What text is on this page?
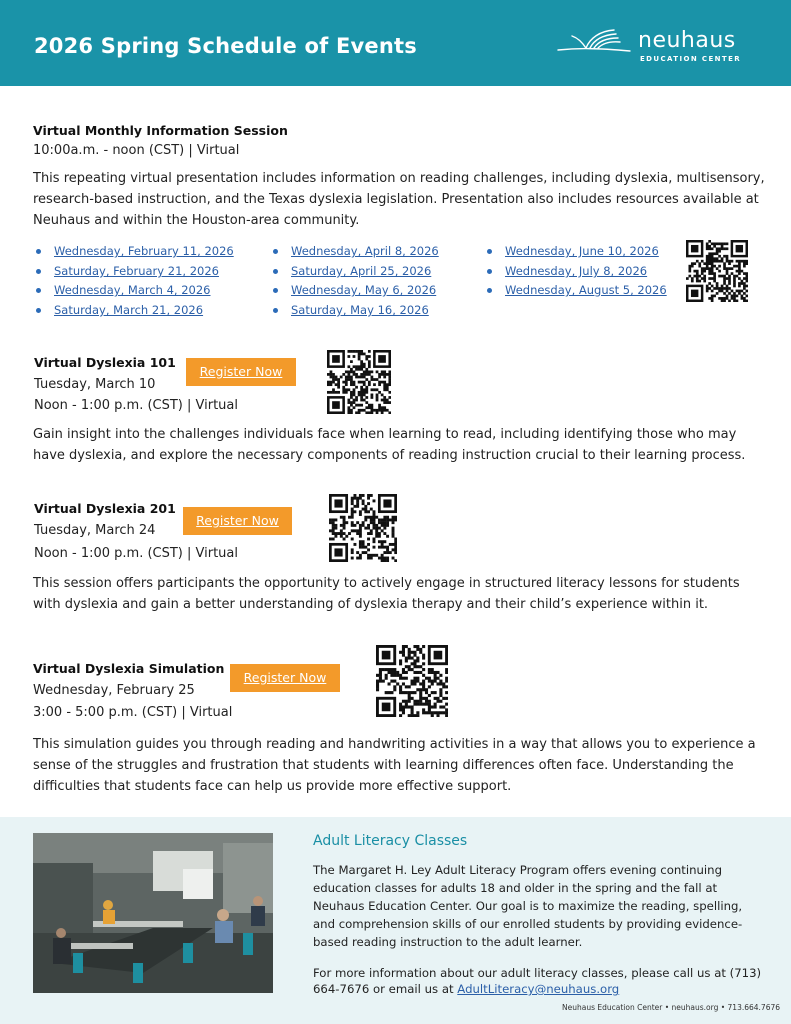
2026 Spring Schedule of Events	neuhaus
EDUCATION CENTER
Virtual Monthly Information Session
10:00a.m. - noon (CST) | Virtual
This repeating virtual presentation includes information on reading challenges, including dyslexia, multisensory,
research-based instruction, and the Texas dyslexia legislation. Presentation also includes resources available at
Neuhaus and within the Houston-area community.
Wednesday, February 11, 2026
Saturday, February 21, 2026
Wednesday, March 4, 2026
Saturday, March 21, 2026
Wednesday, April 8, 2026
Saturday, April 25, 2026
Wednesday, May 6, 2026
Saturday, May 16, 2026
Wednesday, June 10, 2026
Wednesday, July 8, 2026
Wednesday, August 5, 2026
Virtual Dyslexia 101
Tuesday, March 10
Noon - 1:00 p.m. (CST) | Virtual
Register Now
Gain insight into the challenges individuals face when learning to read, including identifying those who may
have dyslexia, and explore the necessary components of reading instruction crucial to their learning process.
Virtual Dyslexia 201
Tuesday, March 24
Noon - 1:00 p.m. (CST) | Virtual
Register Now
This session offers participants the opportunity to actively engage in structured literacy lessons for students
with dyslexia and gain a better understanding of dyslexia therapy and their child’s experience within it.
Virtual Dyslexia Simulation
Wednesday, February 25
3:00 - 5:00 p.m. (CST) | Virtual
Register Now
This simulation guides you through reading and handwriting activities in a way that allows you to experience a
sense of the struggles and frustration that students with learning differences often face. Understanding the
difficulties that students face can help us provide more effective support.
Adult Literacy Classes
The Margaret H. Ley Adult Literacy Program offers evening continuing education classes for adults 18 and older in the spring and the fall at Neuhaus Education Center. Our goal is to maximize the reading, spelling, and comprehension skills of our enrolled students by providing evidence-based reading instruction to the adult learner.
For more information about our adult literacy classes, please call us at (713) 664-7676 or email us at AdultLiteracy@neuhaus.org
Neuhaus Education Center • neuhaus.org • 713.664.7676
